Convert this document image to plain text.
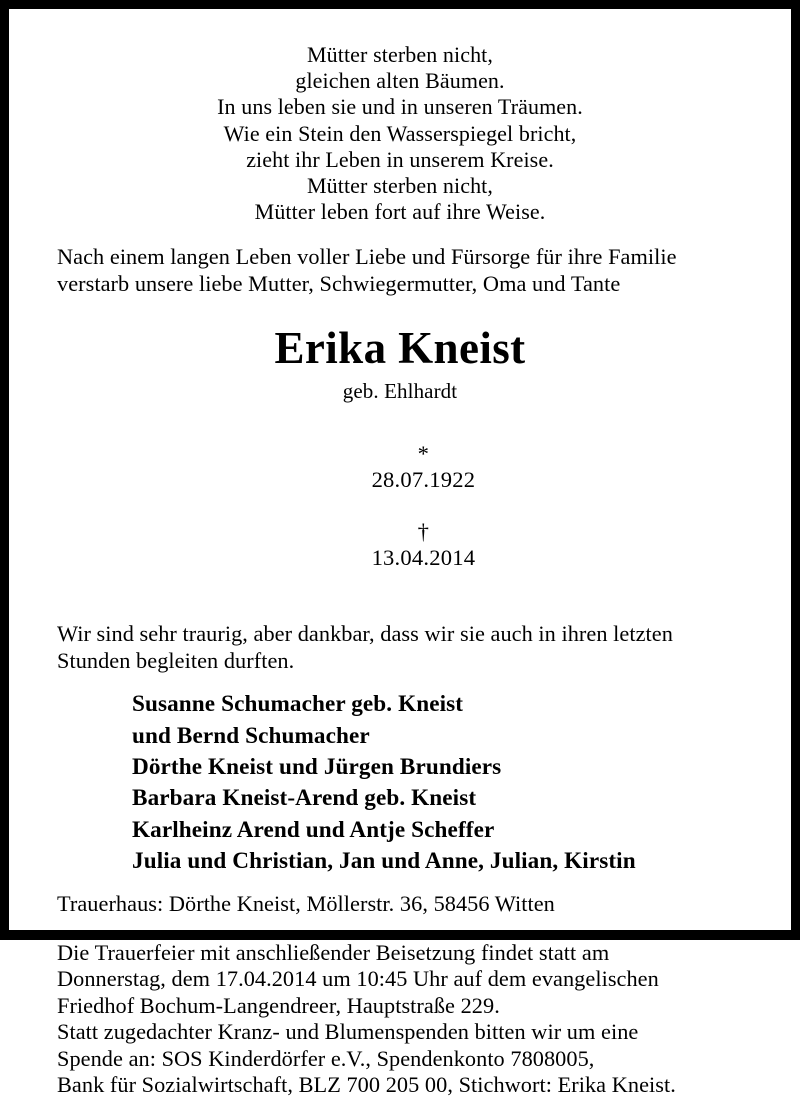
Mütter sterben nicht,
gleichen alten Bäumen.
In uns leben sie und in unseren Träumen.
Wie ein Stein den Wasserspiegel bricht,
zieht ihr Leben in unserem Kreise.
Mütter sterben nicht,
Mütter leben fort auf ihre Weise.
Nach einem langen Leben voller Liebe und Fürsorge für ihre Familie
verstarb unsere liebe Mutter, Schwiegermutter, Oma und Tante
Erika Kneist
geb. Ehlhardt

*
28.07.1922

†
13.04.2014

Wir sind sehr traurig, aber dankbar, dass wir sie auch in ihren letzten
Stunden begleiten durften.
Susanne Schumacher geb. Kneist
und Bernd Schumacher
Dörthe Kneist und Jürgen Brundiers
Barbara Kneist-Arend geb. Kneist
Karlheinz Arend und Antje Scheffer
Julia und Christian, Jan und Anne, Julian, Kirstin
Trauerhaus: Dörthe Kneist, Möllerstr. 36, 58456 Witten
Die Trauerfeier mit anschließender Beisetzung findet statt am
Donnerstag, dem 17.04.2014 um 10:45 Uhr auf dem evangelischen
Friedhof Bochum-Langendreer, Hauptstraße 229.
Statt zugedachter Kranz- und Blumenspenden bitten wir um eine
Spende an: SOS Kinderdörfer e.V., Spendenkonto 7808005,
Bank für Sozialwirtschaft, BLZ 700 205 00, Stichwort: Erika Kneist.
